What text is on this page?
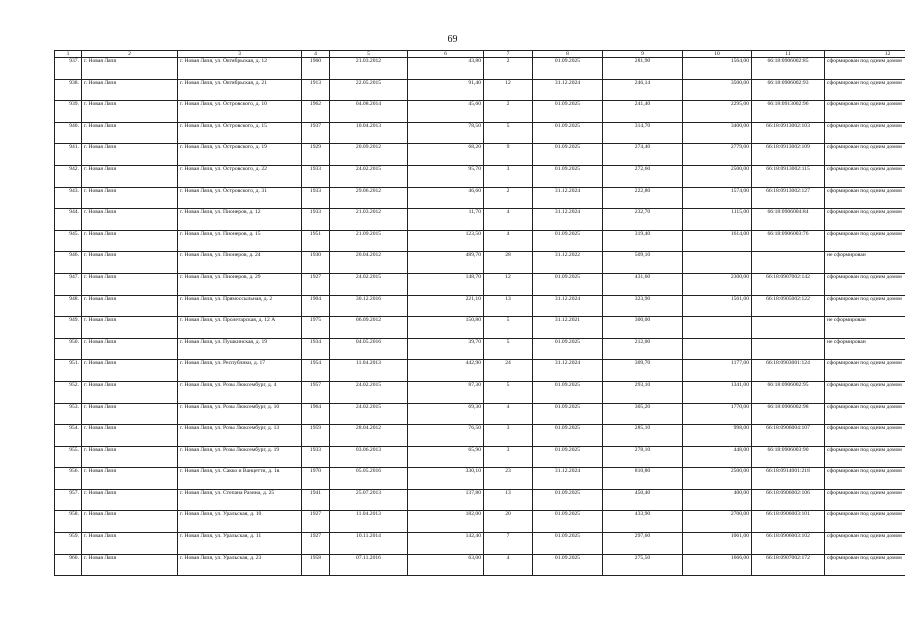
69
1	2	3	4	5	6	7	8	9	10	11	12
937.	г. Новая Ляля	г. Новая Ляля, ул. Октябрьская, д. 12	1960	21.03.2012	43,80	2	01.09.2025	281,90	1564,00	66:18:0906002:85	сформирован под одним домом
938.	г. Новая Ляля	г. Новая Ляля, ул. Октябрьская, д. 21	1913	22.05.2015	91,40	12	31.12.2024	246,14	3500,00	66:18:0906002:93	сформирован под одним домом
939.	г. Новая Ляля	г. Новая Ляля, ул. Островского, д. 10	1962	04.08.2014	45,60	2	01.09.2025	241,40	2295,00	66:18:0913002:96	сформирован под одним домом
940.	г. Новая Ляля	г. Новая Ляля, ул. Островского, д. 15	1937	10.04.2013	78,50	5	01.09.2025	314,70	3400,00	66:18:0913002:103	сформирован под одним домом
941.	г. Новая Ляля	г. Новая Ляля, ул. Островского, д. 19	1929	20.09.2012	68,20	9	01.09.2025	274,40	2779,00	66:18:0913002:109	сформирован под одним домом
942.	г. Новая Ляля	г. Новая Ляля, ул. Островского, д. 22	1933	24.02.2015	95,70	3	01.09.2025	272,60	2500,00	66:18:0913002:115	сформирован под одним домом
943.	г. Новая Ляля	г. Новая Ляля, ул. Островского, д. 31	1933	29.06.2012	46,60	2	31.12.2024	222,80	1574,00	66:18:0913002:127	сформирован под одним домом
944.	г. Новая Ляля	г. Новая Ляля, ул. Пионеров, д. 12	1933	21.03.2012	11,70	4	31.12.2024	232,70	1115,00	66:18:0906004:84	сформирован под одним домом
945.	г. Новая Ляля	г. Новая Ляля, ул. Пионеров, д. 15	1951	21.09.2015	123,50	4	01.09.2025	319,40	1614,00	66:18:0906003:76	сформирован под одним домом
946.	г. Новая Ляля	г. Новая Ляля, ул. Пионеров, д. 24	1930	20.04.2012	489,70	28	31.12.2022	509,10			не сформирован
947.	г. Новая Ляля	г. Новая Ляля, ул. Пионеров, д. 29	1927	24.02.2015	148,70	12	01.09.2025	431,60	2300,00	66:18:0907002:142	сформирован под одним домом
948.	г. Новая Ляля	г. Новая Ляля, ул. Прямоссыльная, д. 2	1904	30.12.2016	221,10	13	31.12.2024	323,90	1561,00	66:18:0905002:122	сформирован под одним домом
949.	г. Новая Ляля	г. Новая Ляля, ул. Пролетарская, д. 12 А	1975	06.09.2012	150,80	5	31.12.2021	300,00			не сформирован
950.	г. Новая Ляля	г. Новая Ляля, ул. Пушкинская, д. 19	1934	04.05.2016	39,70	5	01.09.2025	212,00			не сформирован
951.	г. Новая Ляля	г. Новая Ляля, ул. Республики, д. 17	1954	11.04.2013	442,90	24	31.12.2024	309,70	1177,00	66:18:0903001:124	сформирован под одним домом
952.	г. Новая Ляля	г. Новая Ляля, ул. Розы Люксембург, д. 4	1957	24.02.2015	87,30	5	01.09.2025	293,10	1341,00	66:18:0906002:95	сформирован под одним домом
953.	г. Новая Ляля	г. Новая Ляля, ул. Розы Люксембург, д. 10	1964	24.02.2015	69,30	4	01.09.2025	305,20	1770,00	66:18:0906002:98	сформирован под одним домом
954.	г. Новая Ляля	г. Новая Ляля, ул. Розы Люксембург, д. 13	1959	28.04.2012	76,50	3	01.09.2025	285,10	998,00	66:18:0906004:107	сформирован под одним домом
955.	г. Новая Ляля	г. Новая Ляля, ул. Розы Люксембург, д. 19	1933	03.06.2013	65,90	3	01.09.2025	278,10	448,00	66:18:0906003:90	сформирован под одним домом
956.	г. Новая Ляля	г. Новая Ляля, ул. Сакко и Ванцетти, д. 1в	1970	05.05.2016	330,10	23	31.12.2024	810,80	2500,00	66:18:0914001:218	сформирован под одним домом
957.	г. Новая Ляля	г. Новая Ляля, ул. Степана Разина, д. 25	1941	25.07.2013	137,80	13	01.09.2025	450,40	400,00	66:18:0906002:106	сформирован под одним домом
958.	г. Новая Ляля	г. Новая Ляля, ул. Уральская, д. 10	1927	11.04.2013	182,00	20	01.09.2025	433,90	2700,00	66:18:0906003:101	сформирован под одним домом
959.	г. Новая Ляля	г. Новая Ляля, ул. Уральская, д. 11	1927	10.11.2014	142,40	7	01.09.2025	297,60	1061,00	66:18:0906003:102	сформирован под одним домом
960.	г. Новая Ляля	г. Новая Ляля, ул. Уральская, д. 23	1958	07.11.2016	63,00	4	01.09.2025	275,50	1666,00	66:18:0907002:172	сформирован под одним домом
